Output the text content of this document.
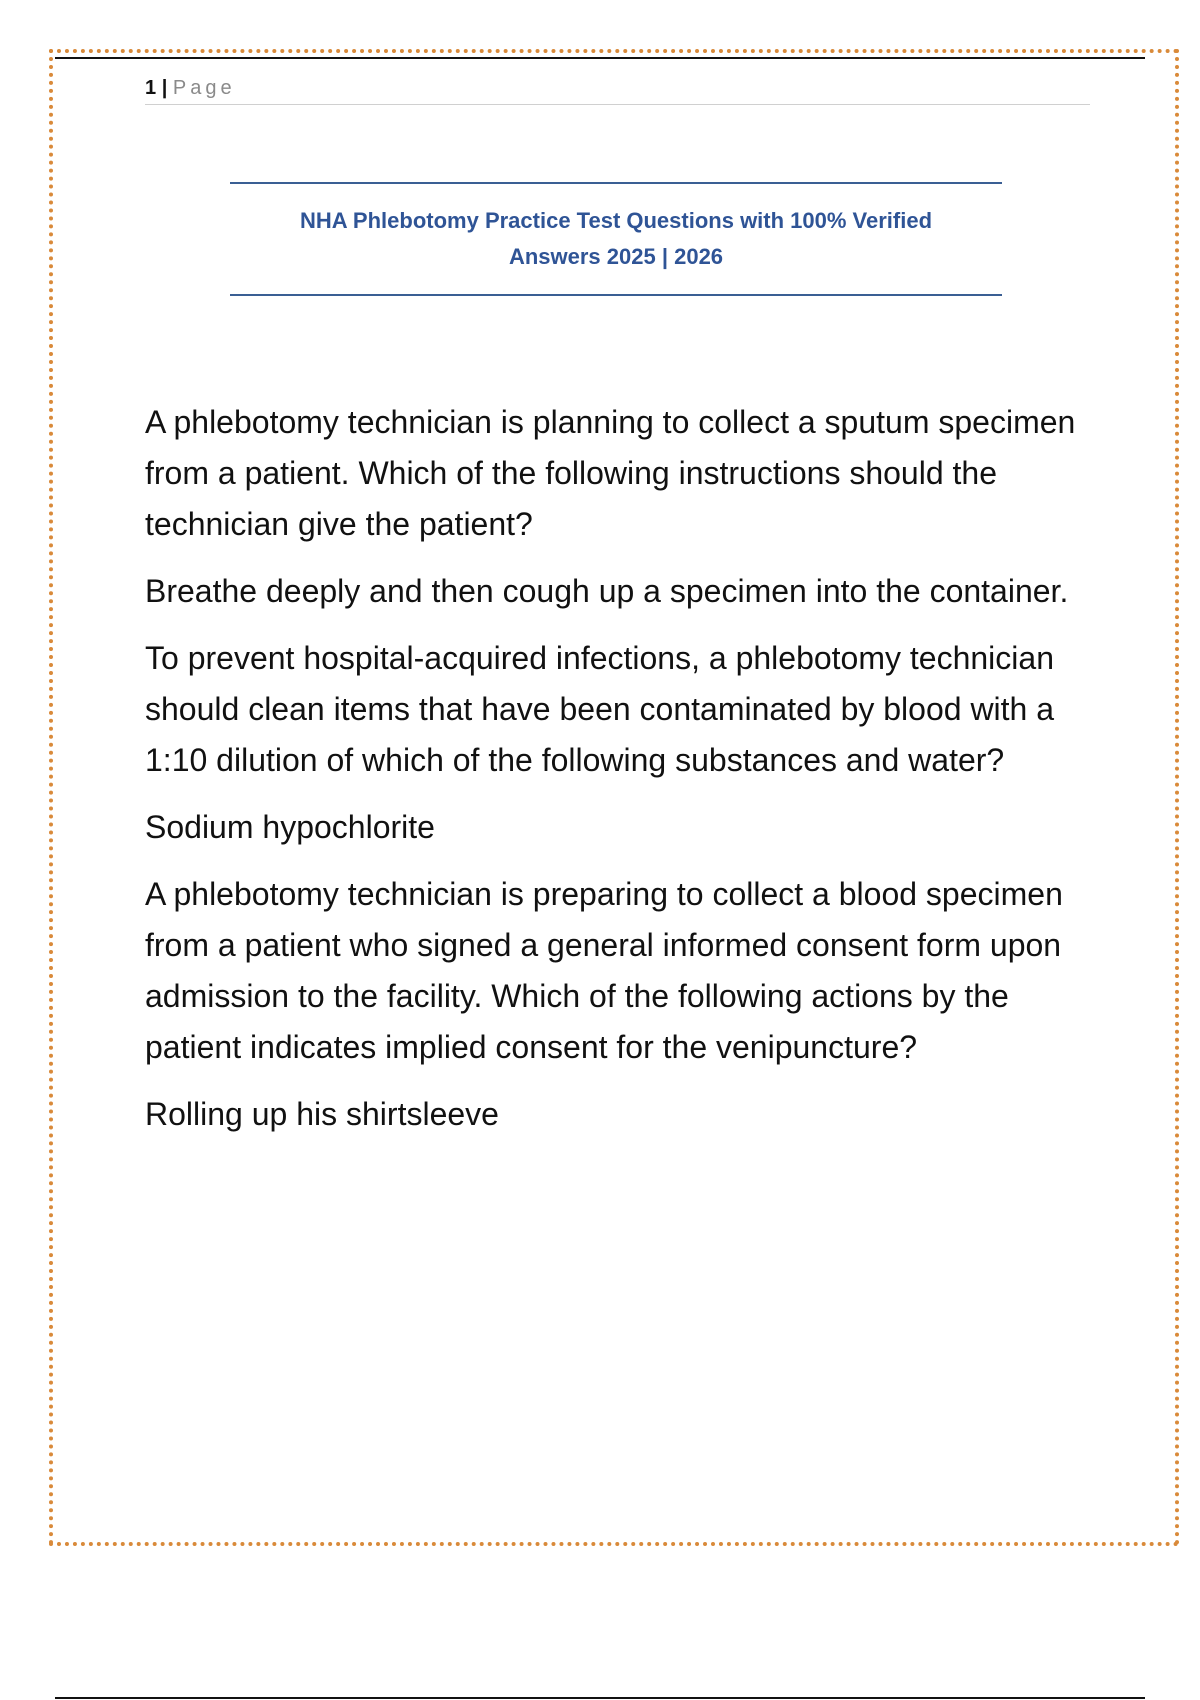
1 | Page
NHA Phlebotomy Practice Test Questions with 100% Verified
Answers 2025 | 2026

A phlebotomy technician is planning to collect a sputum specimen from a patient. Which of the following instructions should the technician give the patient?

Breathe deeply and then cough up a specimen into the container.

To prevent hospital-acquired infections, a phlebotomy technician should clean items that have been contaminated by blood with a 1:10 dilution of which of the following substances and water?

Sodium hypochlorite

A phlebotomy technician is preparing to collect a blood specimen from a patient who signed a general informed consent form upon admission to the facility. Which of the following actions by the patient indicates implied consent for the venipuncture?

Rolling up his shirtsleeve
